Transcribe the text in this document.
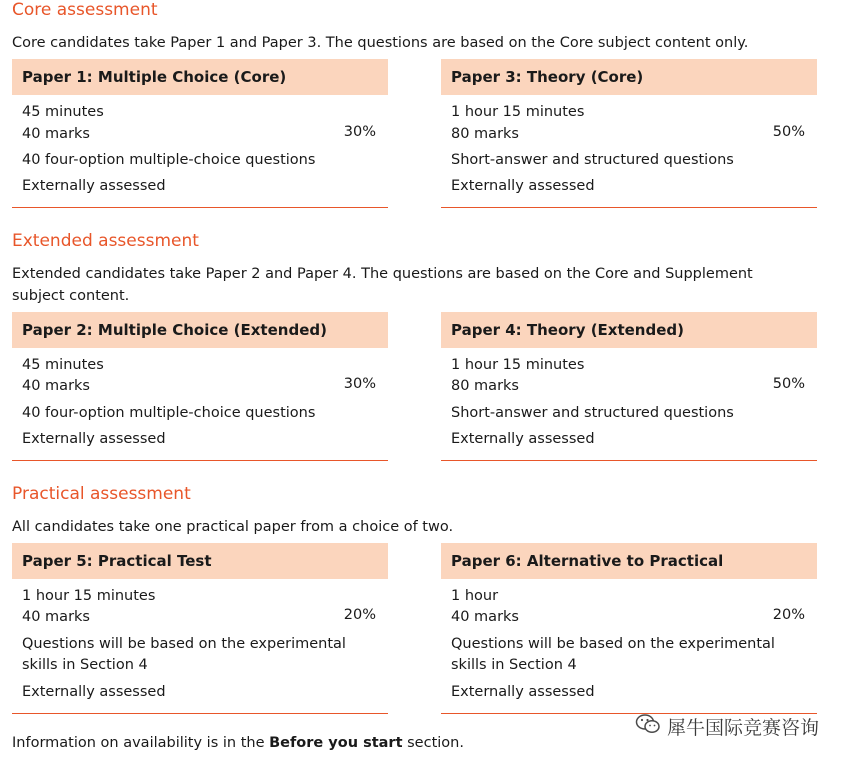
Core assessment

Core candidates take Paper 1 and Paper 3. The questions are based on the Core subject content only.

Paper 1: Multiple Choice (Core)
45 minutes
40 marks	30%
40 four-option multiple-choice questions
Externally assessed
Paper 3: Theory (Core)
1 hour 15 minutes
80 marks	50%
Short-answer and structured questions
Externally assessed
Extended assessment

Extended candidates take Paper 2 and Paper 4. The questions are based on the Core and Supplement subject content.

Paper 2: Multiple Choice (Extended)
45 minutes
40 marks	30%
40 four-option multiple-choice questions
Externally assessed
Paper 4: Theory (Extended)
1 hour 15 minutes
80 marks	50%
Short-answer and structured questions
Externally assessed
Practical assessment

All candidates take one practical paper from a choice of two.

Paper 5: Practical Test
1 hour 15 minutes
40 marks	20%
Questions will be based on the experimental skills in Section 4
Externally assessed
Paper 6: Alternative to Practical
1 hour
40 marks	20%
Questions will be based on the experimental skills in Section 4
Externally assessed
犀牛国际竞赛咨询

Information on availability is in the Before you start section.
